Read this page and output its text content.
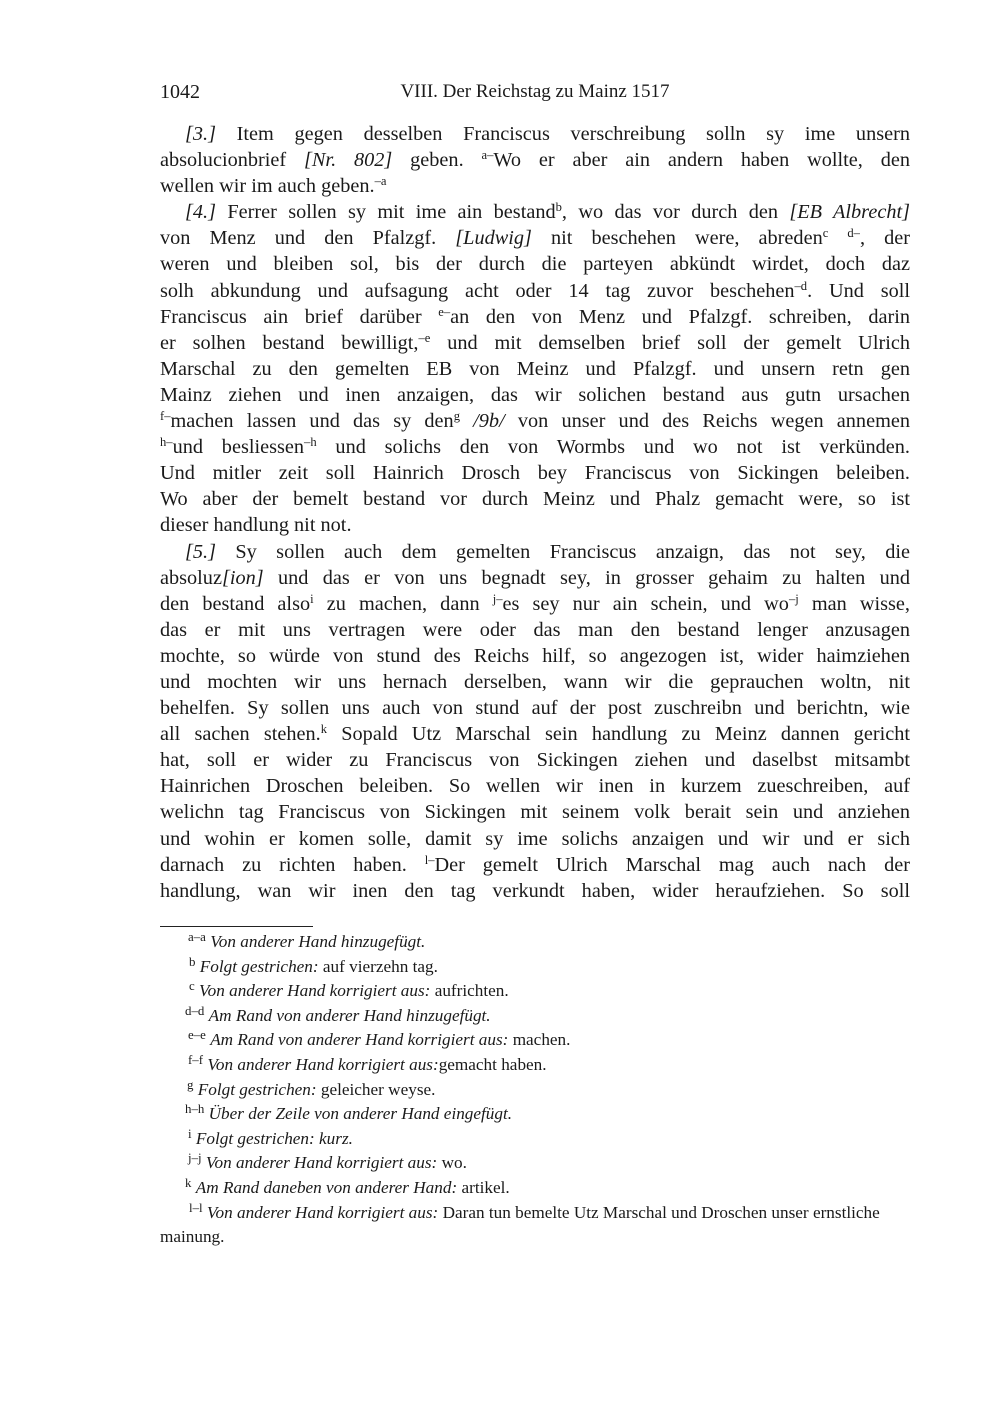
1042	VIII. Der Reichstag zu Mainz 1517
[3.] Item gegen desselben Franciscus verschreibung solln sy ime unsern
absolucionbrief [Nr. 802] geben. $^{a-}$Wo er aber ain andern haben wollte, den
wellen wir im auch geben.$^{-a}$
[4.] Ferrer sollen sy mit ime ain bestand$^b$, wo das vor durch den [EB Albrecht]
von Menz und den Pfalzgf. [Ludwig] nit beschehen were, abreden$^c$ $^{d-}$, der
weren und bleiben sol, bis der durch die parteyen abkündt wirdet, doch daz
solh abkundung und aufsagung acht oder 14 tag zuvor beschehen$^{-d}$. Und soll
Franciscus ain brief darüber $^{e-}$an den von Menz und Pfalzgf. schreiben, darin
er solhen bestand bewilligt,$^{-e}$ und mit demselben brief soll der gemelt Ulrich
Marschal zu den gemelten EB von Meinz und Pfalzgf. und unsern retn gen
Mainz ziehen und inen anzaigen, das wir solichen bestand aus gutn ursachen
$^{f-}$machen lassen und das sy den$^g$ /9b/ von unser und des Reichs wegen annemen
$^{h-}$und besliessen$^{-h}$ und solichs den von Wormbs und wo not ist verkünden.
Und mitler zeit soll Hainrich Drosch bey Franciscus von Sickingen beleiben.
Wo aber der bemelt bestand vor durch Meinz und Phalz gemacht were, so ist
dieser handlung nit not.
[5.] Sy sollen auch dem gemelten Franciscus anzaign, das not sey, die
absoluz[ion] und das er von uns begnadt sey, in grosser gehaim zu halten und
den bestand also$^i$ zu machen, dann $^{j-}$es sey nur ain schein, und $wo^{-j}$ man wisse,
das er mit uns vertragen were oder das man den bestand lenger anzusagen
mochte, so würde von stund des Reichs hilf, so angezogen ist, wider haimziehen
und mochten wir uns hernach derselben, wann wir die geprauchen woltn, nit
behelfen. Sy sollen uns auch von stund auf der post zuschreibn und berichtn, wie
all sachen stehen.$^k$ Sopald Utz Marschal sein handlung zu Meinz dannen gericht
hat, soll er wider zu Franciscus von Sickingen ziehen und daselbst mitsambt
Hainrichen Droschen beleiben. So wellen wir inen in kurzem zueschreiben, auf
welichn tag Franciscus von Sickingen mit seinem volk berait sein und anziehen
und wohin er komen solle, damit sy ime solichs anzaigen und wir und er sich
darnach zu richten haben. $^{l-}$Der gemelt Ulrich Marschal mag auch nach der
handlung, wan wir inen den tag verkundt haben, wider heraufziehen. So soll
$^{a-a}$ Von anderer Hand hinzugefügt.
$^b$ Folgt gestrichen: auf vierzehn tag.
$^c$ Von anderer Hand korrigiert aus: aufrichten.
$^{d-d}$ Am Rand von anderer Hand hinzugefügt.
$^{e-e}$ Am Rand von anderer Hand korrigiert aus: machen.
$^{f-f}$ Von anderer Hand korrigiert aus:gemacht haben.
$^g$ Folgt gestrichen: geleicher weyse.
$^{h-h}$ Über der Zeile von anderer Hand eingefügt.
$^i$ Folgt gestrichen: kurz.
$^{j-j}$ Von anderer Hand korrigiert aus: wo.
$^k$ Am Rand daneben von anderer Hand: artikel.
$^{l-l}$ Von anderer Hand korrigiert aus: Daran tun bemelte Utz Marschal und Droschen unser ernstliche mainung.
